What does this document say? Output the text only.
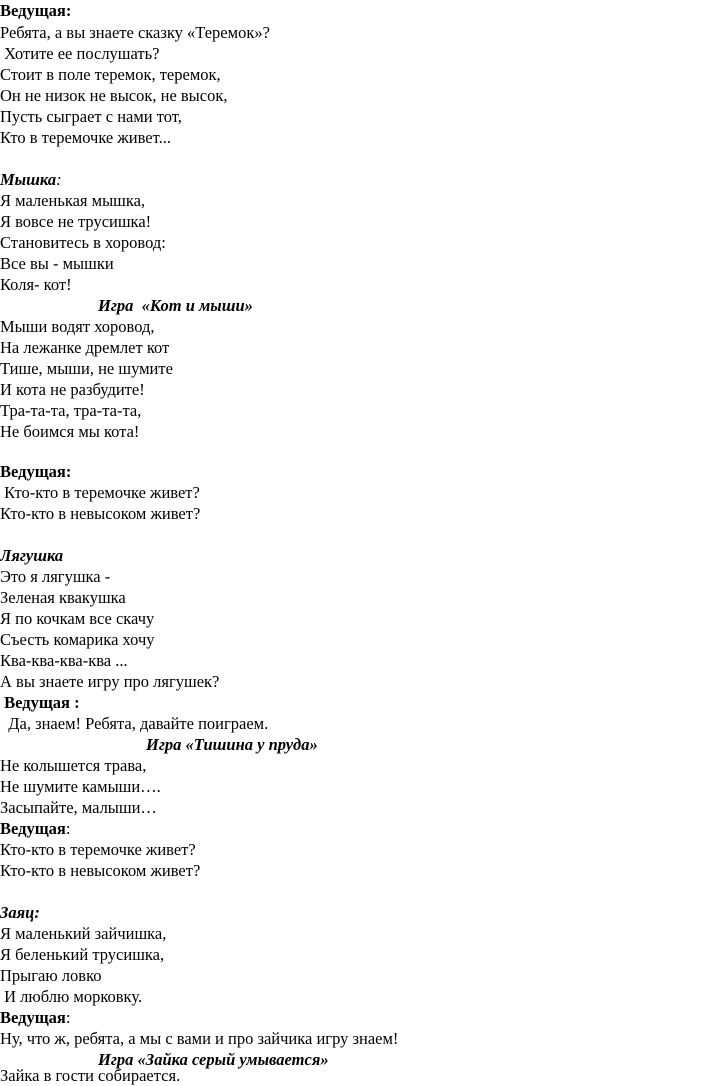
Ведущая:
Ребята, а вы знаете сказку «Теремок»?
Хотите ее послушать?
Стоит в поле теремок, теремок,
Он не низок не высок, не высок,
Пусть сыграет с нами тот,
Кто в теремочке живет...
Мышка:
Я маленькая мышка,
Я вовсе не трусишка!
Становитесь в хоровод:
Все вы - мышки
Коля- кот!
Игра  «Кот и мыши»
Мыши водят хоровод,
На лежанке дремлет кот
Тише, мыши, не шумите
И кота не разбудите!
Тра-та-та, тра-та-та,
Не боимся мы кота!
Ведущая:
Кто-кто в теремочке живет?
Кто-кто в невысоком живет?
Лягушка
Это я лягушка -
Зеленая квакушка
Я по кочкам все скачу
Съесть комарика хочу
Ква-ква-ква-ква ...
А вы знаете игру про лягушек?
Ведущая :
Да, знаем! Ребята, давайте поиграем.
Игра «Тишина у пруда»
Не колышется трава,
Не шумите камыши….
Засыпайте, малыши…
Ведущая:
Кто-кто в теремочке живет?
Кто-кто в невысоком живет?
Заяц:
Я маленький зайчишка,
Я беленький трусишка,
Прыгаю ловко
И люблю морковку.
Ведущая:
Ну, что ж, ребята, а мы с вами и про зайчика игру знаем!
Игра «Зайка серый умывается»
Зайка в гости собирается.
